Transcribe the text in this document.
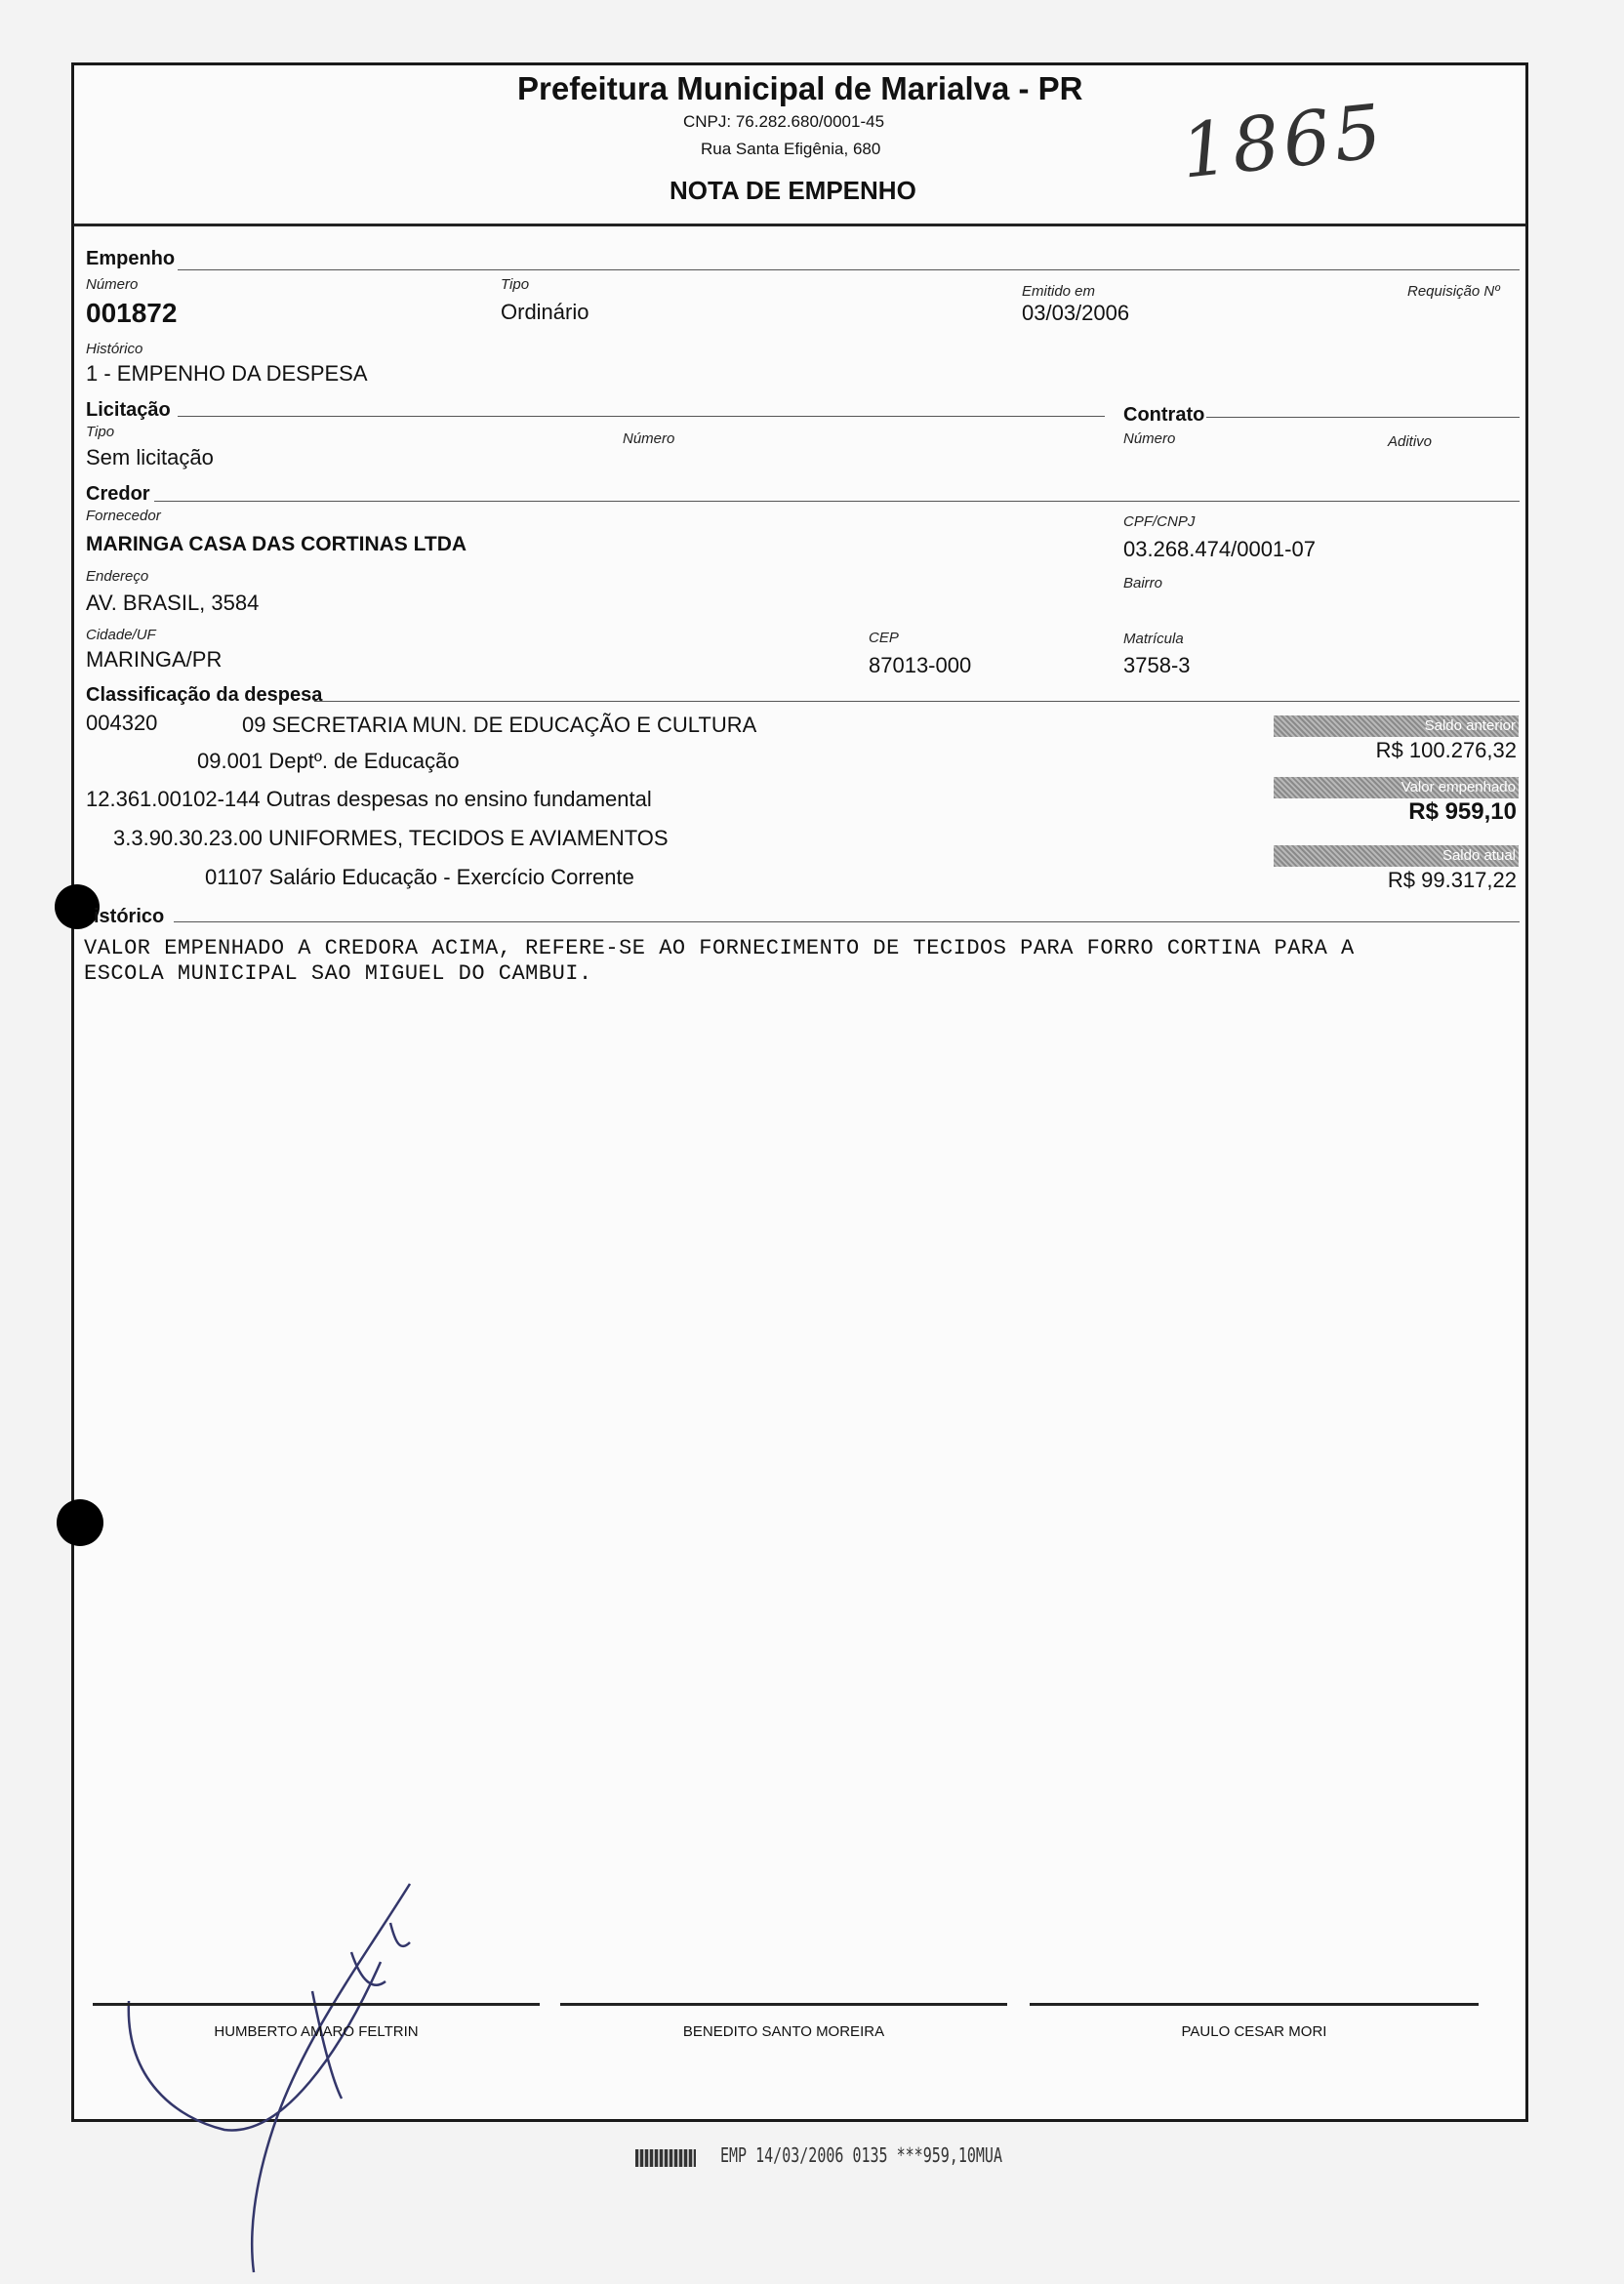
Prefeitura Municipal de Marialva - PR
CNPJ: 76.282.680/0001-45
Rua Santa Efigênia, 680
NOTA DE EMPENHO	1865
Empenho
Número
001872
Tipo
Ordinário
Emitido em
03/03/2006
Requisição Nº
Histórico
1 - EMPENHO DA DESPESA
Licitação	Contrato
Tipo
Sem licitação
Número	Número	Aditivo
Credor
Fornecedor
MARINGA CASA DAS CORTINAS LTDA
CPF/CNPJ
03.268.474/0001-07
Endereço
AV. BRASIL, 3584
Bairro
Cidade/UF
MARINGA/PR
CEP
87013-000
Matrícula
3758-3
Classificação da despesa
004320	09 SECRETARIA MUN. DE EDUCAÇÃO E CULTURA
09.001 Deptº. de Educação
12.361.00102-144 Outras despesas no ensino fundamental
3.3.90.30.23.00 UNIFORMES, TECIDOS E AVIAMENTOS
01107 Salário Educação - Exercício Corrente
Saldo anterior
R$ 100.276,32
Valor empenhado
R$ 959,10
Saldo atual
R$ 99.317,22
istórico
VALOR EMPENHADO A CREDORA ACIMA, REFERE-SE AO FORNECIMENTO DE TECIDOS PARA FORRO CORTINA PARA A
ESCOLA MUNICIPAL SAO MIGUEL DO CAMBUI.
HUMBERTO AMARO FELTRIN	BENEDITO SANTO MOREIRA	PAULO CESAR MORI
EMP 14/03/2006 0135 ***959,10MUA
